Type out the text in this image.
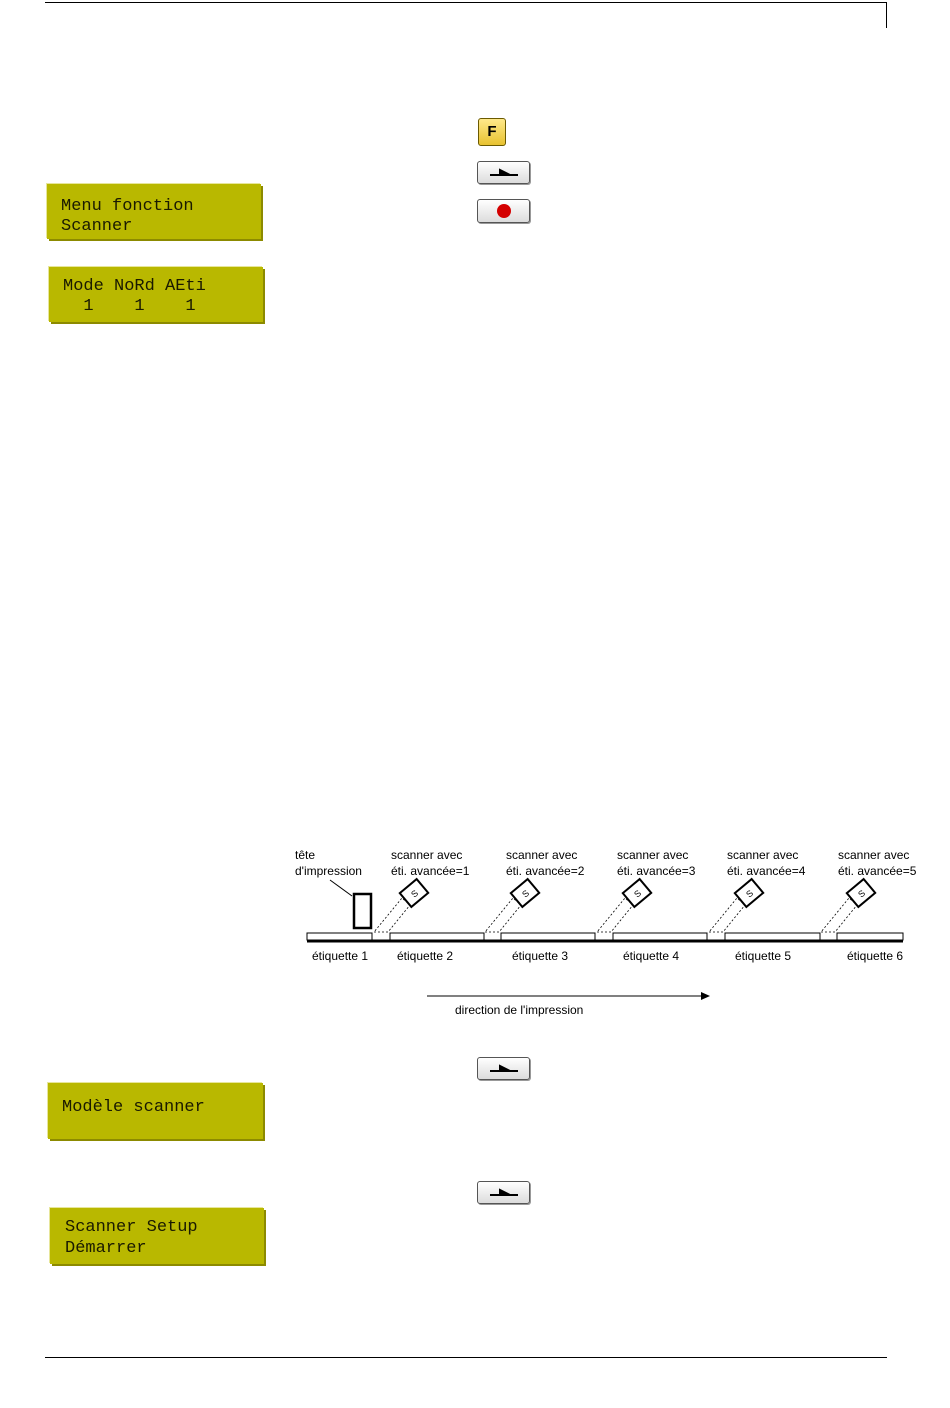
Menu fonction
Scanner
Mode NoRd AEti
1    1    1
Modèle scanner
Scanner Setup
Démarrer
F
tête
d'impression
étiquette 1 étiquette 2	étiquette 3	étiquette 4	étiquette 5	étiquette 6
scanner avec
éti. avancée=1
S
scanner avec
éti. avancée=2
S
scanner avec
éti. avancée=3
S
scanner avec
éti. avancée=4
S
scanner avec
éti. avancée=5
S
direction de l'impression
